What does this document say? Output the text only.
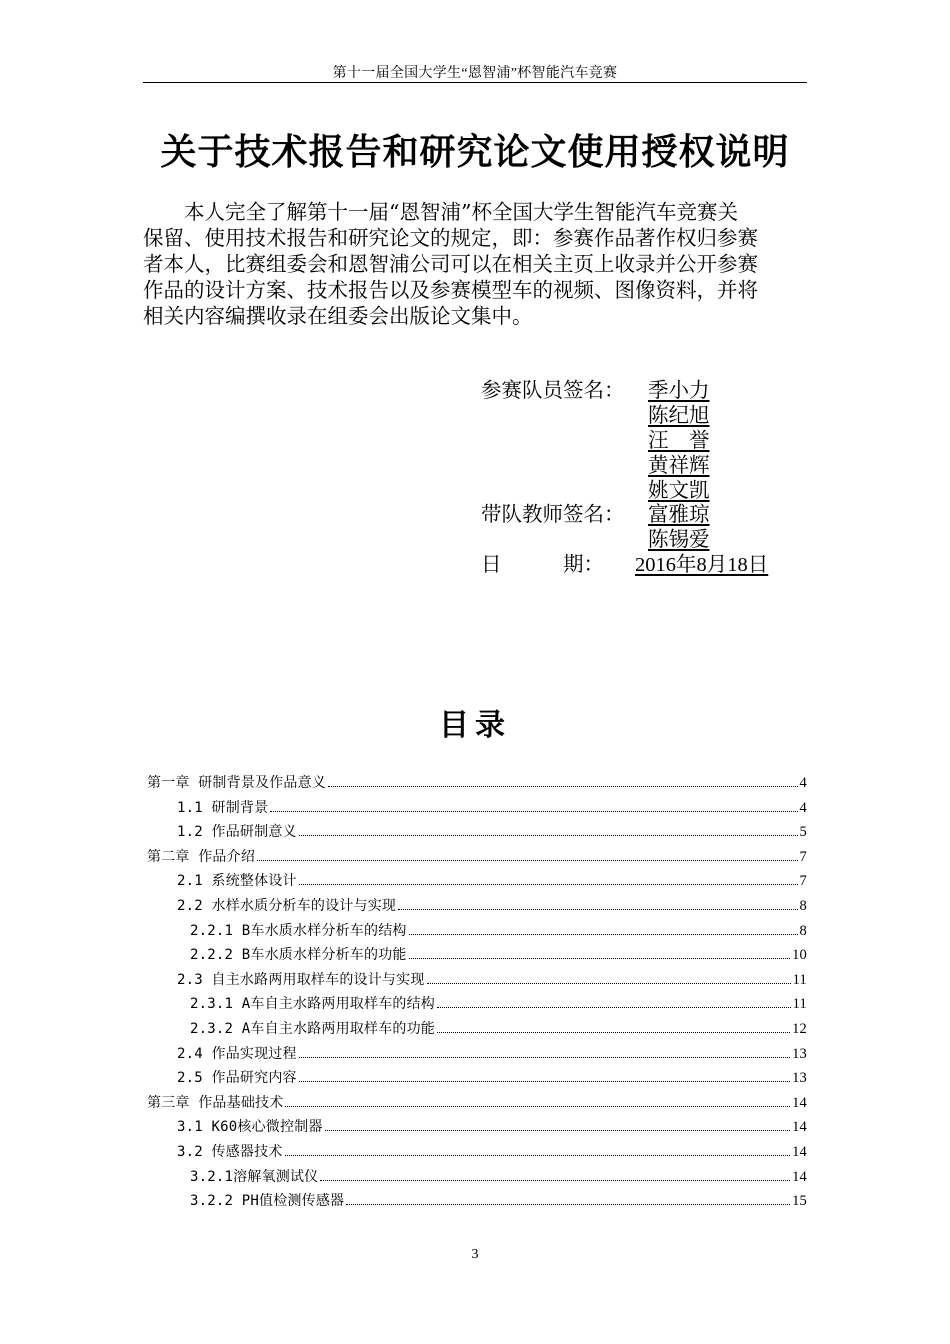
第十一届全国大学生“恩智浦”杯智能汽车竞赛
关于技术报告和研究论文使用授权说明
本人完全了解第十一届“恩智浦”杯全国大学生智能汽车竞赛关
保留、使用技术报告和研究论文的规定，即：参赛作品著作权归参赛
者本人，比赛组委会和恩智浦公司可以在相关主页上收录并公开参赛
作品的设计方案、技术报告以及参赛模型车的视频、图像资料，并将
相关内容编撰收录在组委会出版论文集中。
参赛队员签名： 季小力
陈纪旭
汪　誉
黄祥辉
姚文凯
带队教师签名： 富雅琼
陈锡爱
日　　　期： 2016年8月18日
目录
第一章 研制背景及作品意义	4
1.1 研制背景	4
1.2 作品研制意义	5
第二章 作品介绍	7
2.1 系统整体设计	7
2.2 水样水质分析车的设计与实现	8
2.2.1 B车水质水样分析车的结构	8
2.2.2 B车水质水样分析车的功能	10
2.3 自主水路两用取样车的设计与实现	11
2.3.1 A车自主水路两用取样车的结构	11
2.3.2 A车自主水路两用取样车的功能	12
2.4 作品实现过程	13
2.5 作品研究内容	13
第三章 作品基础技术	14
3.1 K60核心微控制器	14
3.2 传感器技术	14
3.2.1溶解氧测试仪	14
3.2.2 PH值检测传感器	15
3
